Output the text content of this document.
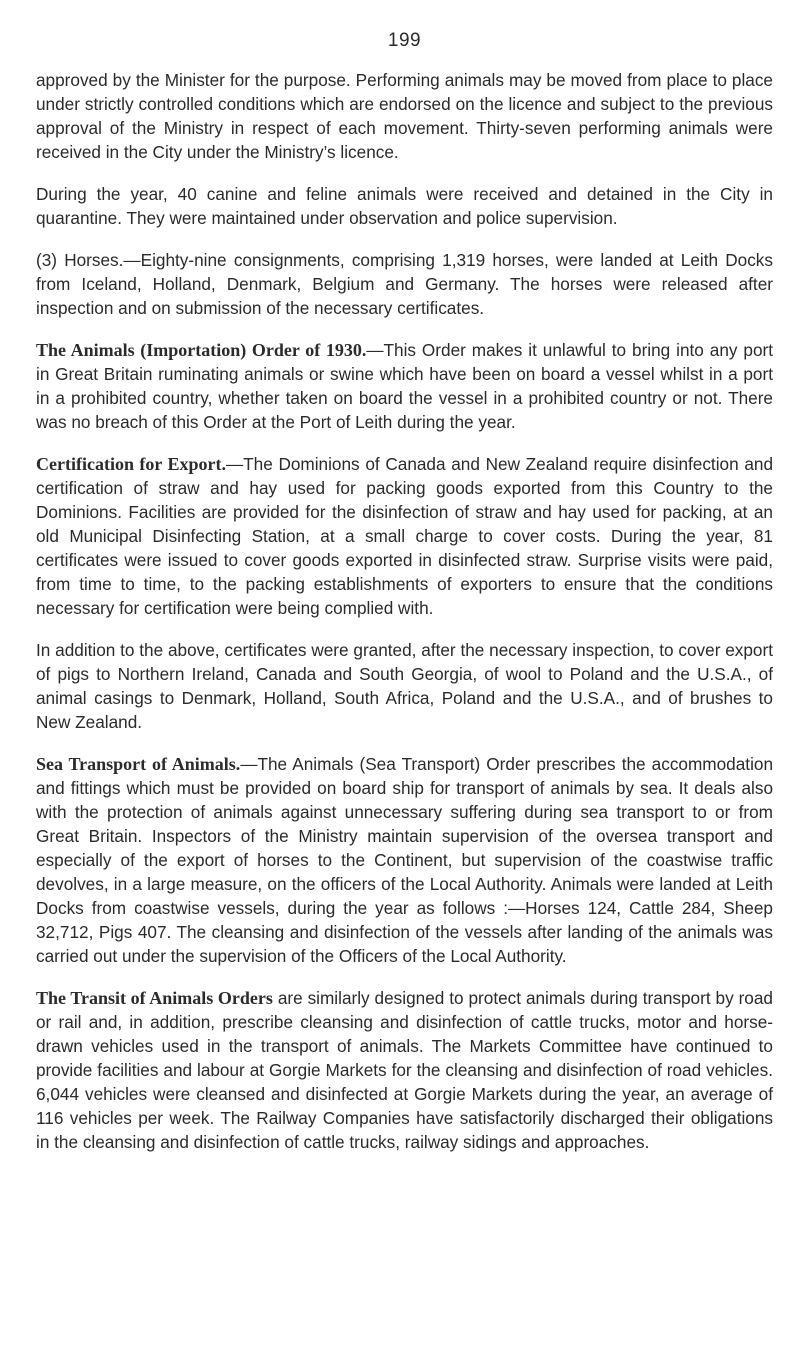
199

approved by the Minister for the purpose. Performing animals may be moved from place to place under strictly controlled conditions which are endorsed on the licence and subject to the previous approval of the Ministry in respect of each movement. Thirty-seven performing animals were received in the City under the Ministry’s licence.

During the year, 40 canine and feline animals were received and detained in the City in quarantine. They were maintained under observation and police supervision.

(3) Horses.—Eighty-nine consignments, comprising 1,319 horses, were landed at Leith Docks from Iceland, Holland, Denmark, Belgium and Germany. The horses were released after inspection and on submission of the necessary certificates.

The Animals (Importation) Order of 1930.—This Order makes it unlawful to bring into any port in Great Britain ruminating animals or swine which have been on board a vessel whilst in a port in a prohibited country, whether taken on board the vessel in a prohibited country or not. There was no breach of this Order at the Port of Leith during the year.

Certification for Export.—The Dominions of Canada and New Zealand require disinfection and certification of straw and hay used for packing goods exported from this Country to the Dominions. Facilities are provided for the disinfection of straw and hay used for packing, at an old Municipal Disinfecting Station, at a small charge to cover costs. During the year, 81 certificates were issued to cover goods exported in disinfected straw. Surprise visits were paid, from time to time, to the packing establishments of exporters to ensure that the conditions necessary for certification were being complied with.

In addition to the above, certificates were granted, after the necessary inspection, to cover export of pigs to Northern Ireland, Canada and South Georgia, of wool to Poland and the U.S.A., of animal casings to Denmark, Holland, South Africa, Poland and the U.S.A., and of brushes to New Zealand.

Sea Transport of Animals.—The Animals (Sea Transport) Order prescribes the accommodation and fittings which must be provided on board ship for transport of animals by sea. It deals also with the protection of animals against unnecessary suffering during sea transport to or from Great Britain. Inspectors of the Ministry maintain supervision of the oversea transport and especially of the export of horses to the Continent, but supervision of the coastwise traffic devolves, in a large measure, on the officers of the Local Authority. Animals were landed at Leith Docks from coastwise vessels, during the year as follows :—Horses 124, Cattle 284, Sheep 32,712, Pigs 407. The cleansing and disinfection of the vessels after landing of the animals was carried out under the supervision of the Officers of the Local Authority.

The Transit of Animals Orders are similarly designed to protect animals during transport by road or rail and, in addition, prescribe cleansing and disinfection of cattle trucks, motor and horse-drawn vehicles used in the transport of animals. The Markets Committee have continued to provide facilities and labour at Gorgie Markets for the cleansing and disinfection of road vehicles. 6,044 vehicles were cleansed and disinfected at Gorgie Markets during the year, an average of 116 vehicles per week. The Railway Companies have satisfactorily discharged their obligations in the cleansing and disinfection of cattle trucks, railway sidings and approaches.
